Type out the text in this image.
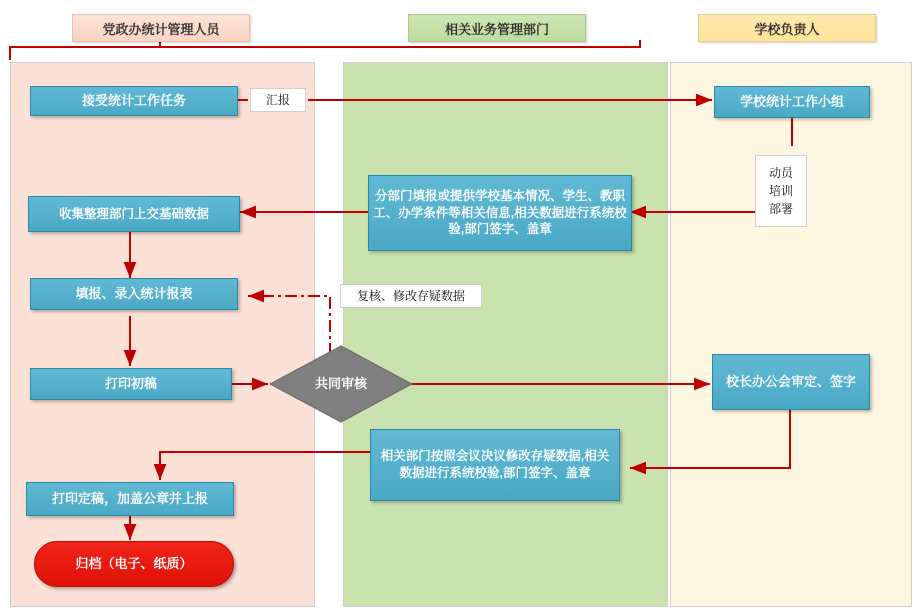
党政办统计管理人员	相关业务管理部门	学校负责人
接受统计工作任务
收集整理部门上交基础数据
填报、录入统计报表
打印初稿
打印定稿，加盖公章并上报
归档（电子、纸质）
分部门填报或提供学校基本情况、学生、教职工、办学条件等相关信息,相关数据进行系统校验,部门签字、盖章
共同审核
相关部门按照会议决议修改存疑数据,相关数据进行系统校验,部门签字、盖章
学校统计工作小组
校长办公会审定、签字
汇报
动员
培训
部署
复核、修改存疑数据
